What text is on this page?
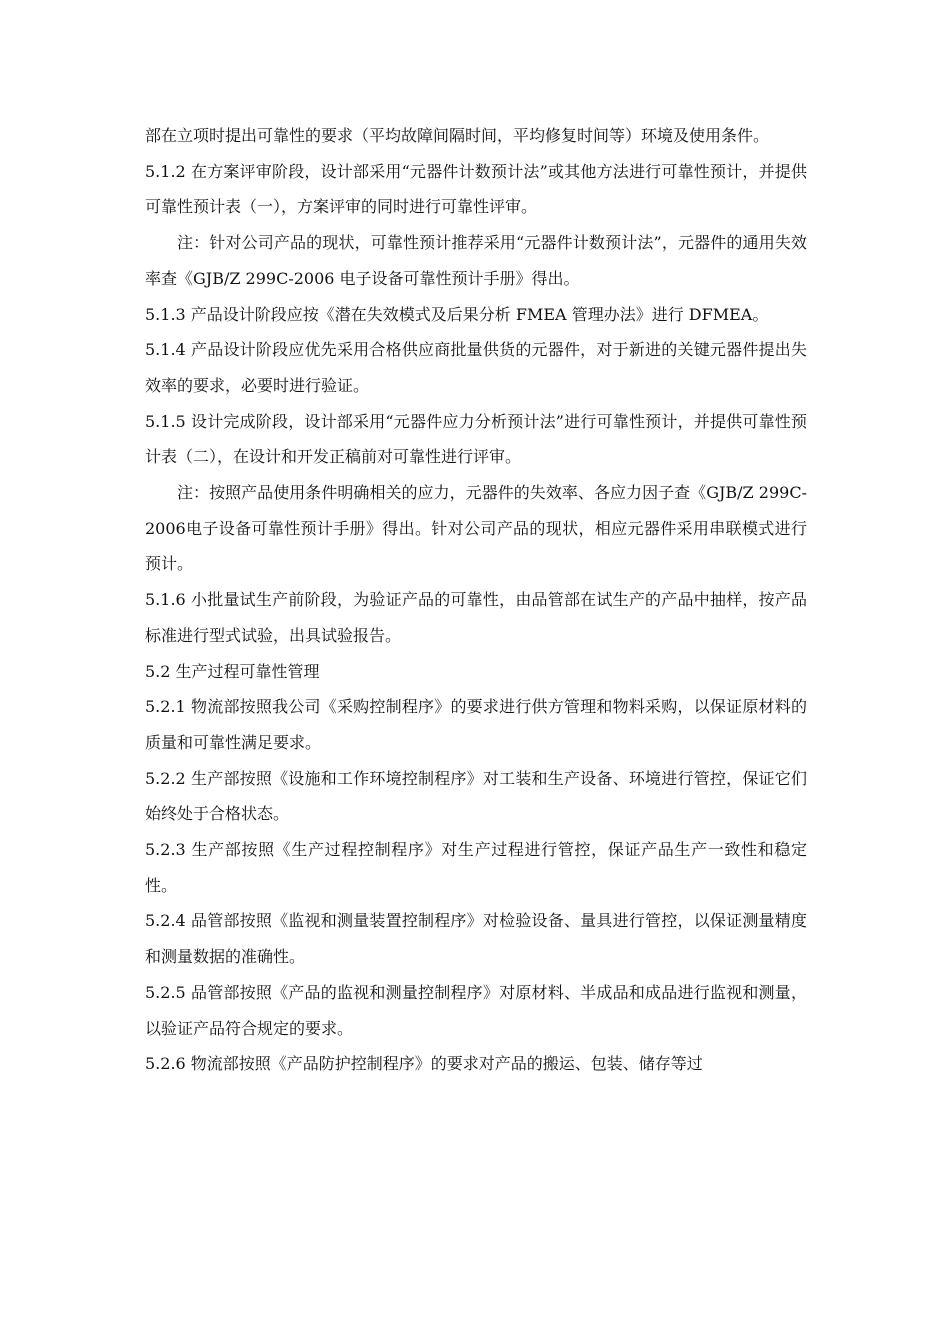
部在立项时提出可靠性的要求（平均故障间隔时间，平均修复时间等）环境及使用条件。

5.1.2 在方案评审阶段，设计部采用“元器件计数预计法”或其他方法进行可靠性预计，并提供可靠性预计表（一），方案评审的同时进行可靠性评审。

注：针对公司产品的现状，可靠性预计推荐采用“元器件计数预计法”，元器件的通用失效率查《GJB/Z 299C-2006 电子设备可靠性预计手册》得出。

5.1.3 产品设计阶段应按《潜在失效模式及后果分析 FMEA 管理办法》进行 DFMEA。

5.1.4 产品设计阶段应优先采用合格供应商批量供货的元器件，对于新进的关键元器件提出失效率的要求，必要时进行验证。

5.1.5 设计完成阶段，设计部采用“元器件应力分析预计法”进行可靠性预计，并提供可靠性预计表（二），在设计和开发正稿前对可靠性进行评审。

注：按照产品使用条件明确相关的应力，元器件的失效率、各应力因子查《GJB/Z 299C-2006电子设备可靠性预计手册》得出。针对公司产品的现状，相应元器件采用串联模式进行预计。

5.1.6 小批量试生产前阶段，为验证产品的可靠性，由品管部在试生产的产品中抽样，按产品标准进行型式试验，出具试验报告。

5.2 生产过程可靠性管理

5.2.1 物流部按照我公司《采购控制程序》的要求进行供方管理和物料采购，以保证原材料的质量和可靠性满足要求。

5.2.2 生产部按照《设施和工作环境控制程序》对工装和生产设备、环境进行管控，保证它们始终处于合格状态。

5.2.3 生产部按照《生产过程控制程序》对生产过程进行管控，保证产品生产一致性和稳定性。

5.2.4 品管部按照《监视和测量装置控制程序》对检验设备、量具进行管控，以保证测量精度和测量数据的准确性。

5.2.5 品管部按照《产品的监视和测量控制程序》对原材料、半成品和成品进行监视和测量，以验证产品符合规定的要求。

5.2.6 物流部按照《产品防护控制程序》的要求对产品的搬运、包装、储存等过
